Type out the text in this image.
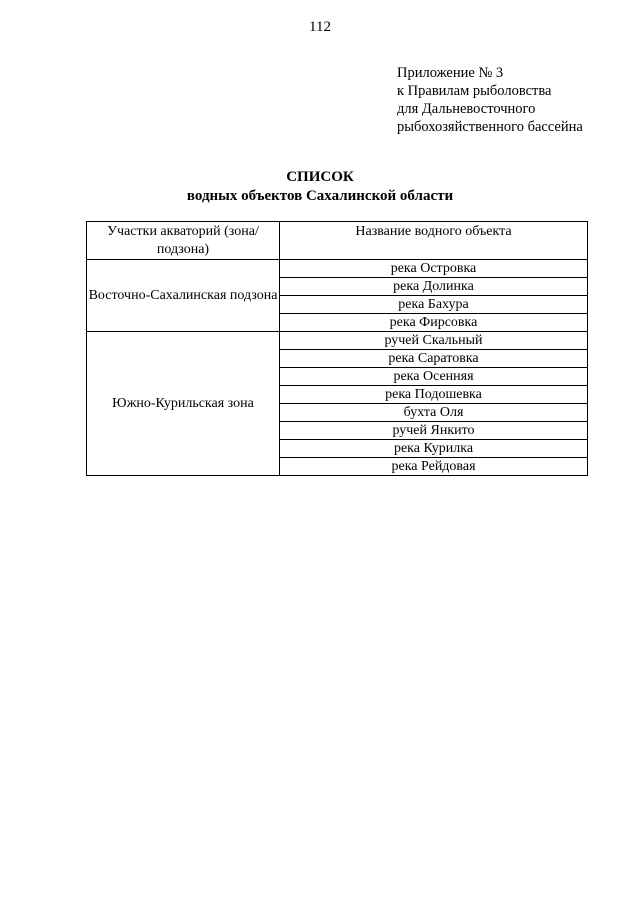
112
Приложение № 3
к Правилам рыболовства
для Дальневосточного
рыбохозяйственного бассейна
СПИСОК
водных объектов Сахалинской области
Участки акваторий (зона/подзона)	Название водного объекта
Восточно-Сахалинская подзона	река Островка
	река Долинка
	река Бахура
	река Фирсовка
Южно-Курильская зона	ручей Скальный
	река Саратовка
	река Осенняя
	река Подошевка
	бухта Оля
	ручей Янкито
	река Курилка
	река Рейдовая
